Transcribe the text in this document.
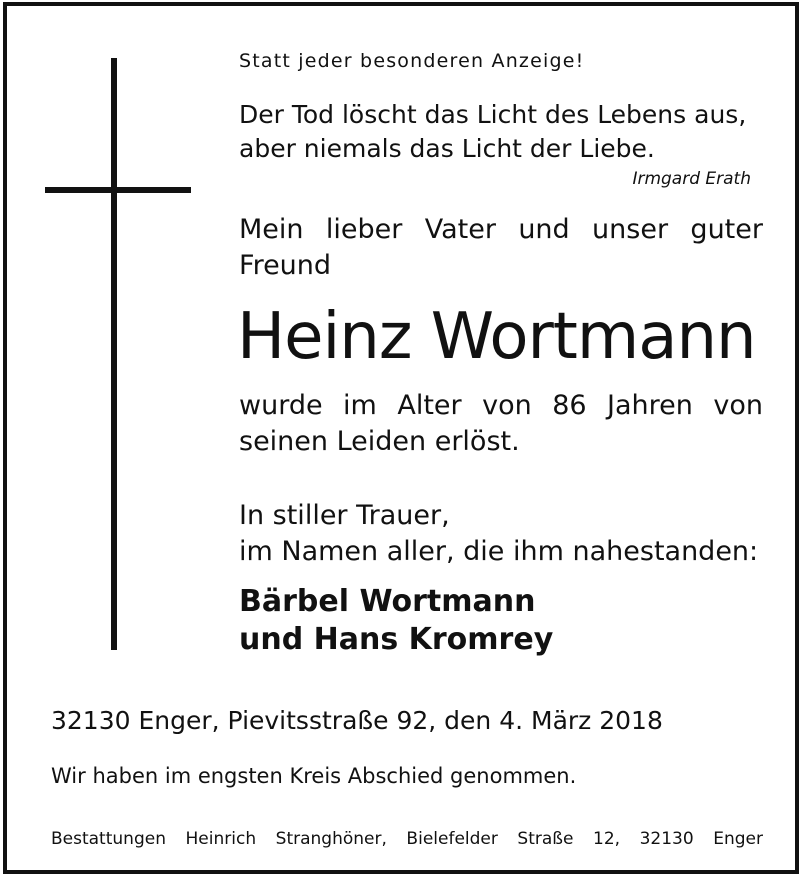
Statt jeder besonderen Anzeige!
Der Tod löscht das Licht des Lebens aus,
aber niemals das Licht der Liebe.
Irmgard Erath
Mein lieber Vater und unser guter
Freund
Heinz Wortmann
wurde im Alter von 86 Jahren von
seinen Leiden erlöst.
In stiller Trauer,
im Namen aller, die ihm nahestanden:
Bärbel Wortmann
und Hans Kromrey
32130 Enger, Pievitsstraße 92, den 4. März 2018
Wir haben im engsten Kreis Abschied genommen.
Bestattungen Heinrich Stranghöner, Bielefelder Straße 12, 32130 Enger
